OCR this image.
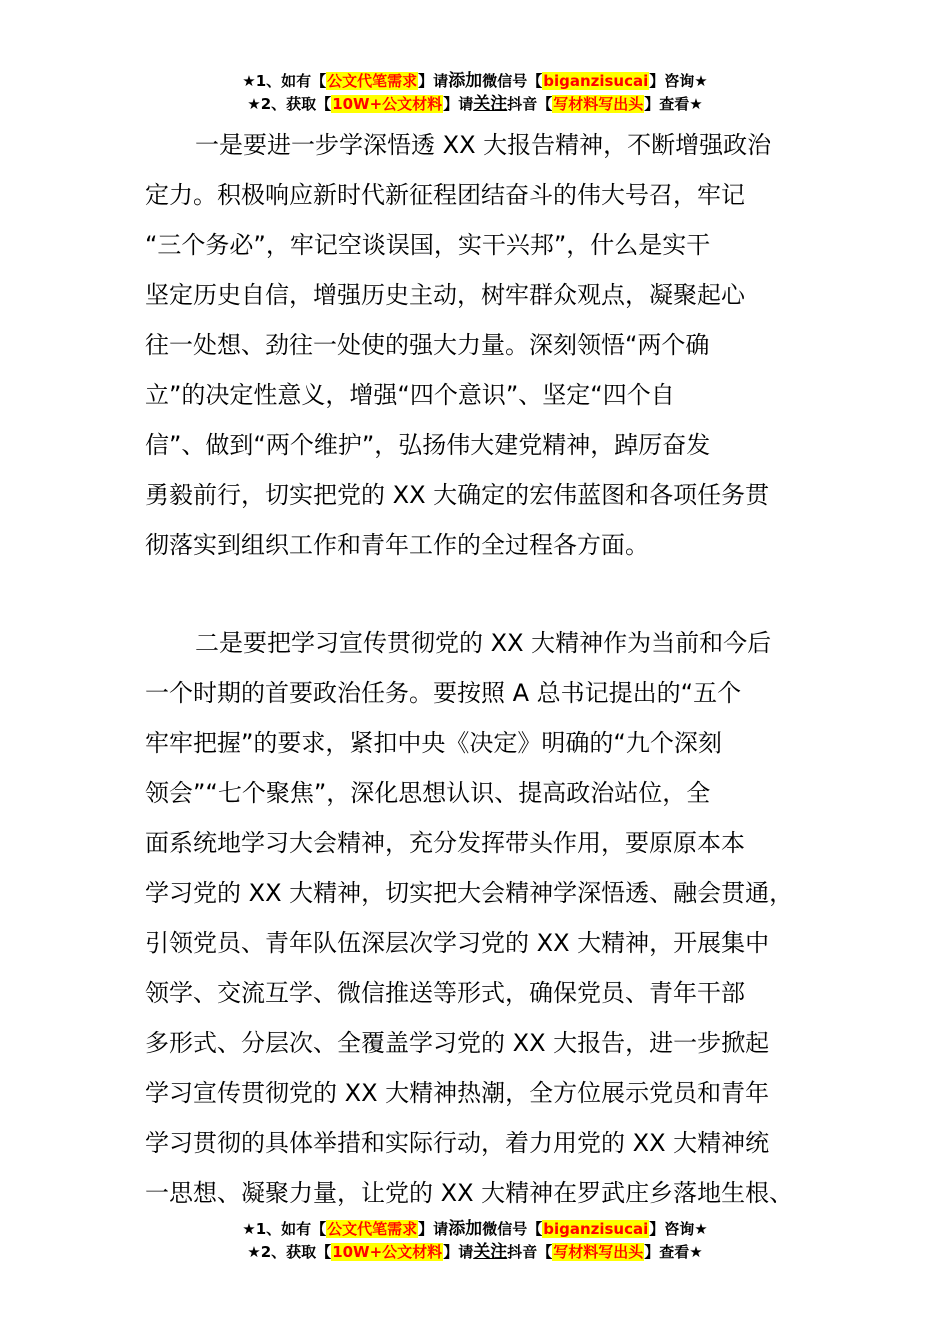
★1、如有【公文代笔需求】请添加微信号【biganzisucai】咨询★
★2、获取【10W+公文材料】请关注抖音【写材料写出头】查看★
一是要进一步学深悟透 XX 大报告精神，不断增强政治
定力。积极响应新时代新征程团结奋斗的伟大号召，牢记
“三个务必”，牢记空谈误国，实干兴邦”，什么是实干
坚定历史自信，增强历史主动，树牢群众观点，凝聚起心
往一处想、劲往一处使的强大力量。深刻领悟“两个确
立”的决定性意义，增强“四个意识”、坚定“四个自
信”、做到“两个维护”，弘扬伟大建党精神，踔厉奋发
勇毅前行，切实把党的 XX 大确定的宏伟蓝图和各项任务贯
彻落实到组织工作和青年工作的全过程各方面。
二是要把学习宣传贯彻党的 XX 大精神作为当前和今后
一个时期的首要政治任务。要按照 A 总书记提出的“五个
牢牢把握”的要求，紧扣中央《决定》明确的“九个深刻
领会”“七个聚焦”，深化思想认识、提高政治站位，全
面系统地学习大会精神，充分发挥带头作用，要原原本本
学习党的 XX 大精神，切实把大会精神学深悟透、融会贯通，
引领党员、青年队伍深层次学习党的 XX 大精神，开展集中
领学、交流互学、微信推送等形式，确保党员、青年干部
多形式、分层次、全覆盖学习党的 XX 大报告，进一步掀起
学习宣传贯彻党的 XX 大精神热潮，全方位展示党员和青年
学习贯彻的具体举措和实际行动，着力用党的 XX 大精神统
一思想、凝聚力量，让党的 XX 大精神在罗武庄乡落地生根、
★1、如有【公文代笔需求】请添加微信号【biganzisucai】咨询★
★2、获取【10W+公文材料】请关注抖音【写材料写出头】查看★
